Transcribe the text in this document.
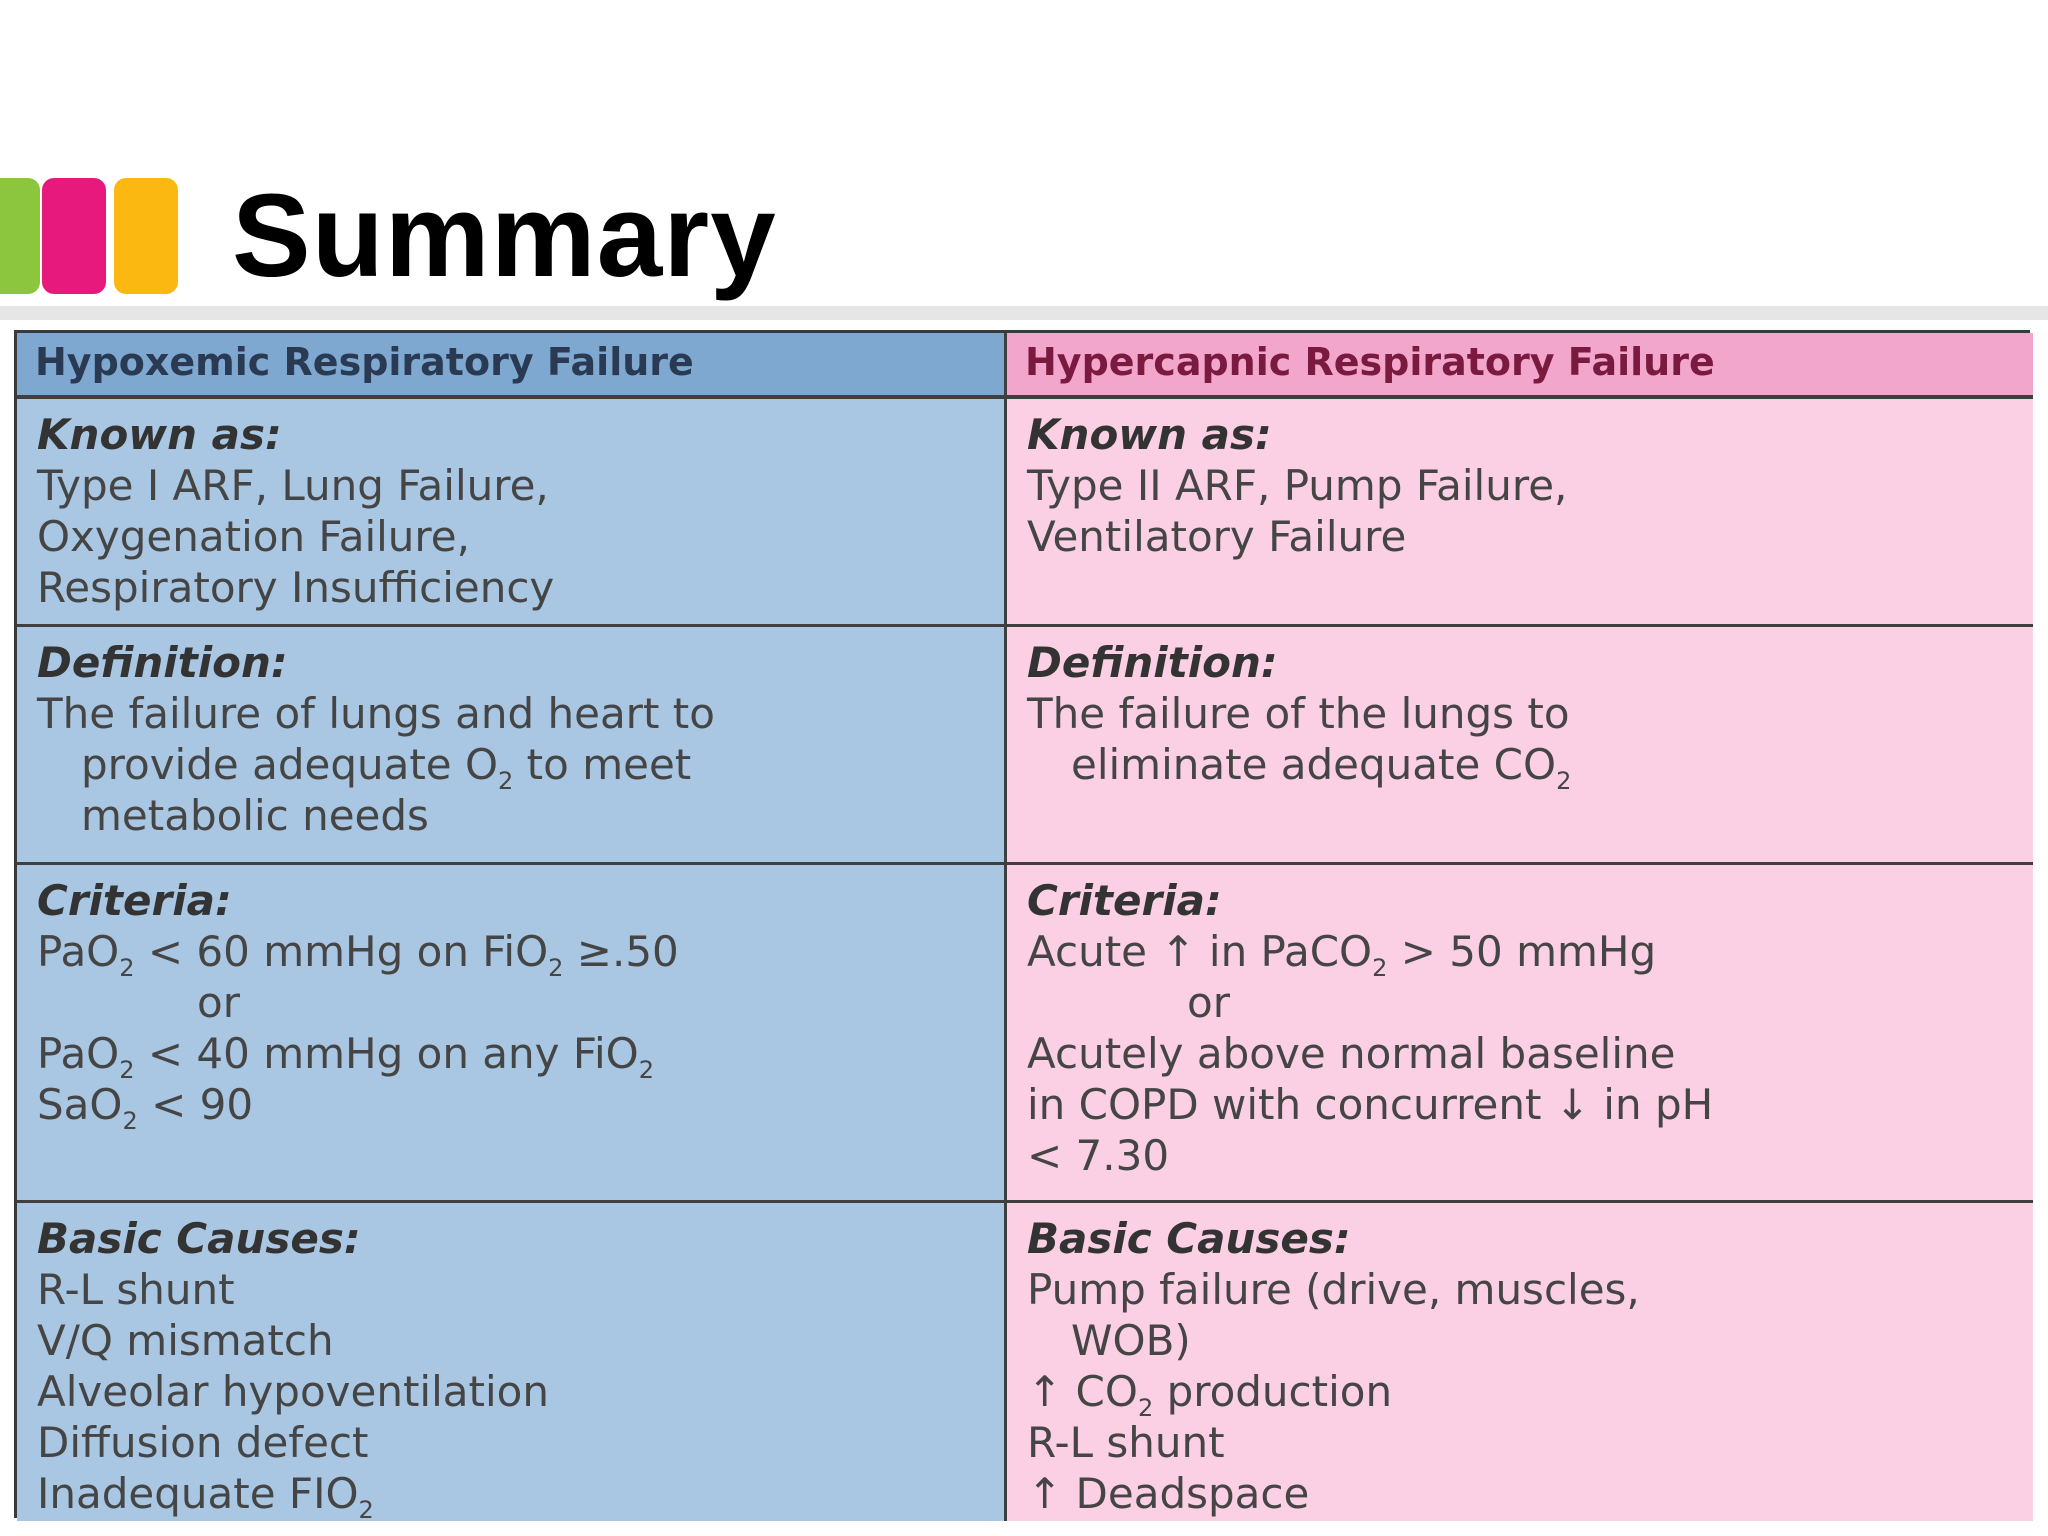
Summary
Hypoxemic Respiratory Failure	Hypercapnic Respiratory Failure
Known as:
Type I ARF, Lung Failure,
Oxygenation Failure,
Respiratory Insufficiency
Known as:
Type II ARF, Pump Failure,
Ventilatory Failure
Definition:
The failure of lungs and heart to
provide adequate $O_2$ to meet
metabolic needs
Definition:
The failure of the lungs to
eliminate adequate $CO_2$
Criteria:
PaO$_2$ < 60 mmHg on FiO$_2$ ≥.50
or
PaO$_2$ < 40 mmHg on any FiO$_2$
SaO$_2$ < 90
Criteria:
Acute ↑ in PaCO$_2$ > 50 mmHg
or
Acutely above normal baseline
in COPD with concurrent ↓ in pH
< 7.30
Basic Causes:
R-L shunt
V/Q mismatch
Alveolar hypoventilation
Diffusion defect
Inadequate $FIO_2$
Basic Causes:
Pump failure (drive, muscles,
WOB)
↑ $CO_2$ production
R-L shunt
↑ Deadspace
